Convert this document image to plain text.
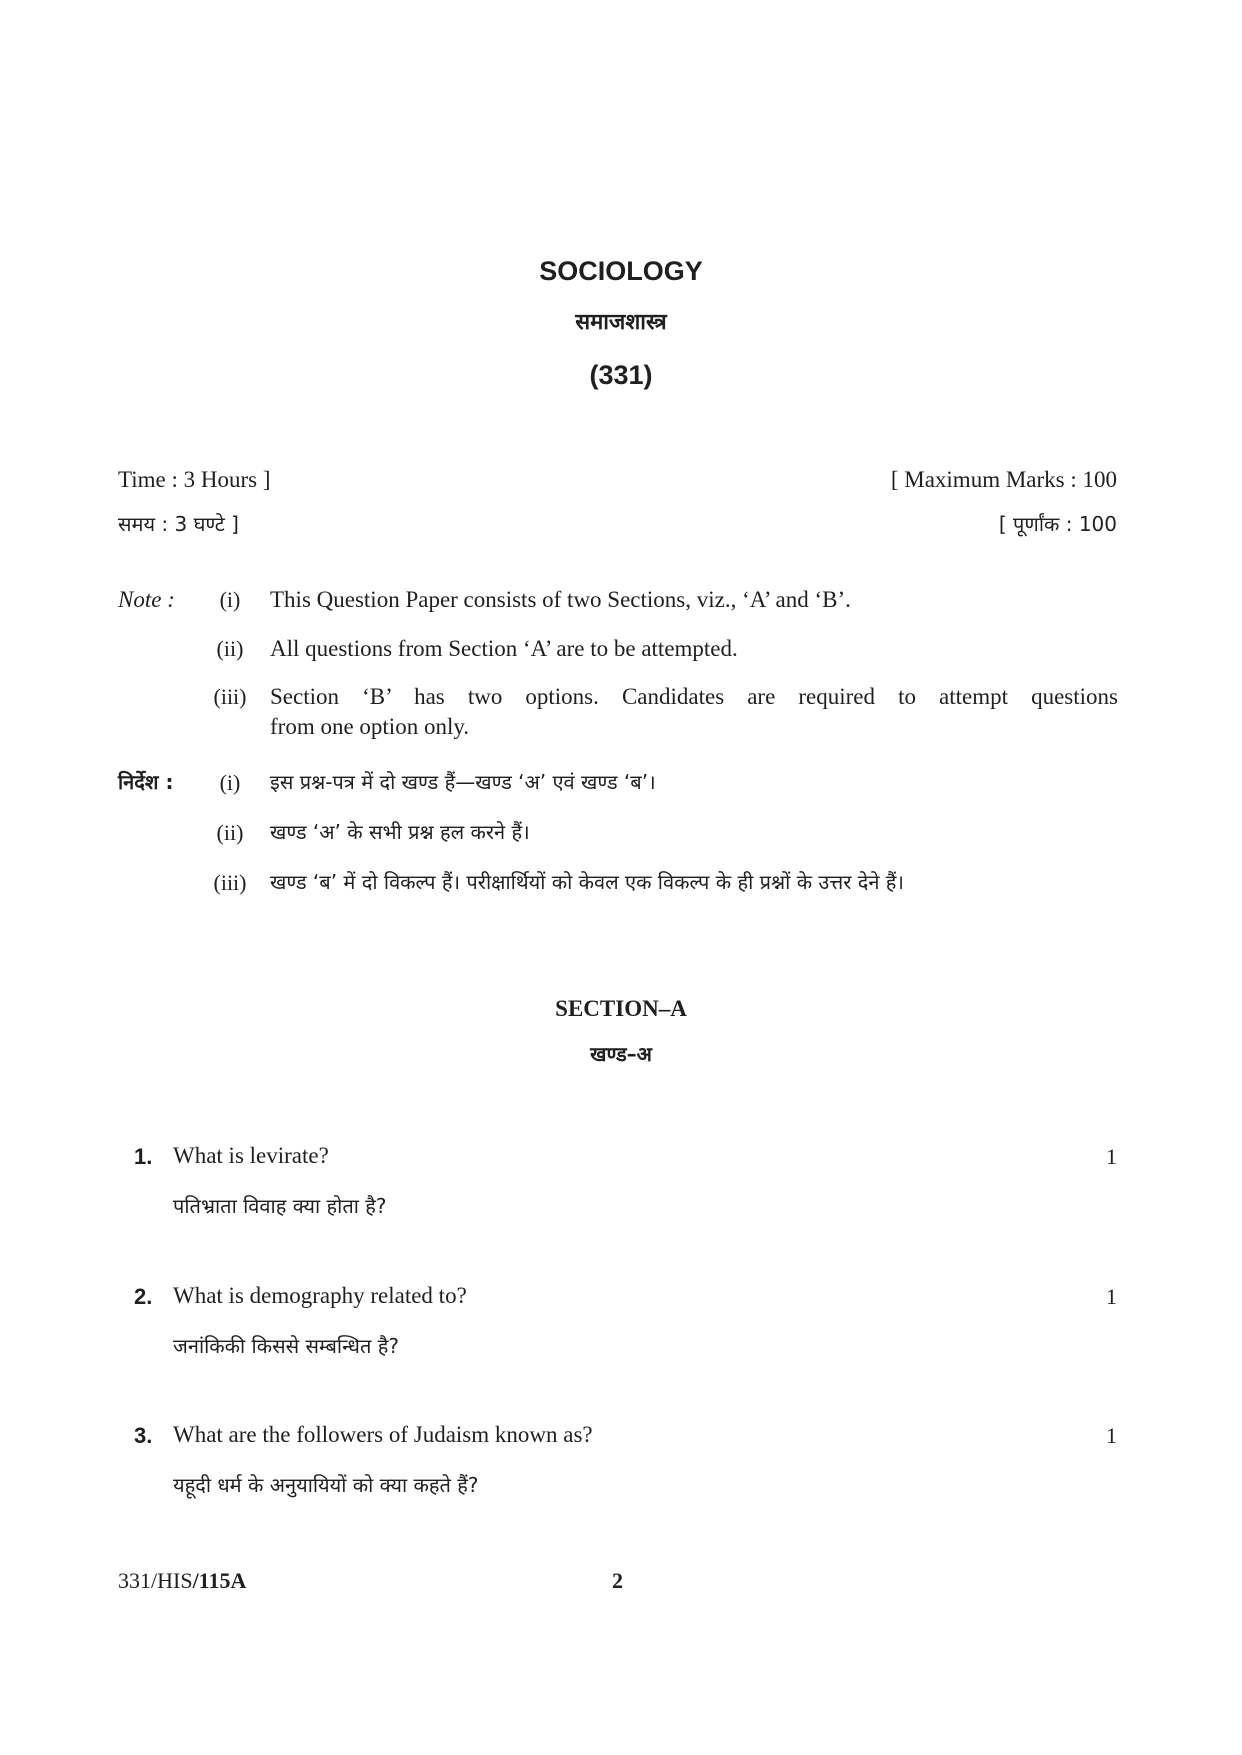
SOCIOLOGY
समाजशास्त्र
(331)
Time : 3 Hours ]	[ Maximum Marks : 100
समय : 3 घण्टे ]	[ पूर्णांक : 100
Note :	(i)	This Question Paper consists of two Sections, viz., ‘A’ and ‘B’.
(ii)	All questions from Section ‘A’ are to be attempted.
(iii)	Section ‘B’ has two options. Candidates are required to attempt questions
from one option only.
निर्देश :	(i)	इस प्रश्न-पत्र में दो खण्ड हैं—खण्ड ‘अ’ एवं खण्ड ‘ब’।
(ii)	खण्ड ‘अ’ के सभी प्रश्न हल करने हैं।
(iii)	खण्ड ‘ब’ में दो विकल्प हैं। परीक्षार्थियों को केवल एक विकल्प के ही प्रश्नों के उत्तर देने हैं।
SECTION–A
खण्ड–अ
1. What is levirate?	1
पतिभ्राता विवाह क्या होता है?
2. What is demography related to?	1
जनांकिकी किससे सम्बन्धित है?
3. What are the followers of Judaism known as?	1
यहूदी धर्म के अनुयायियों को क्या कहते हैं?
331/HIS/115A	2
